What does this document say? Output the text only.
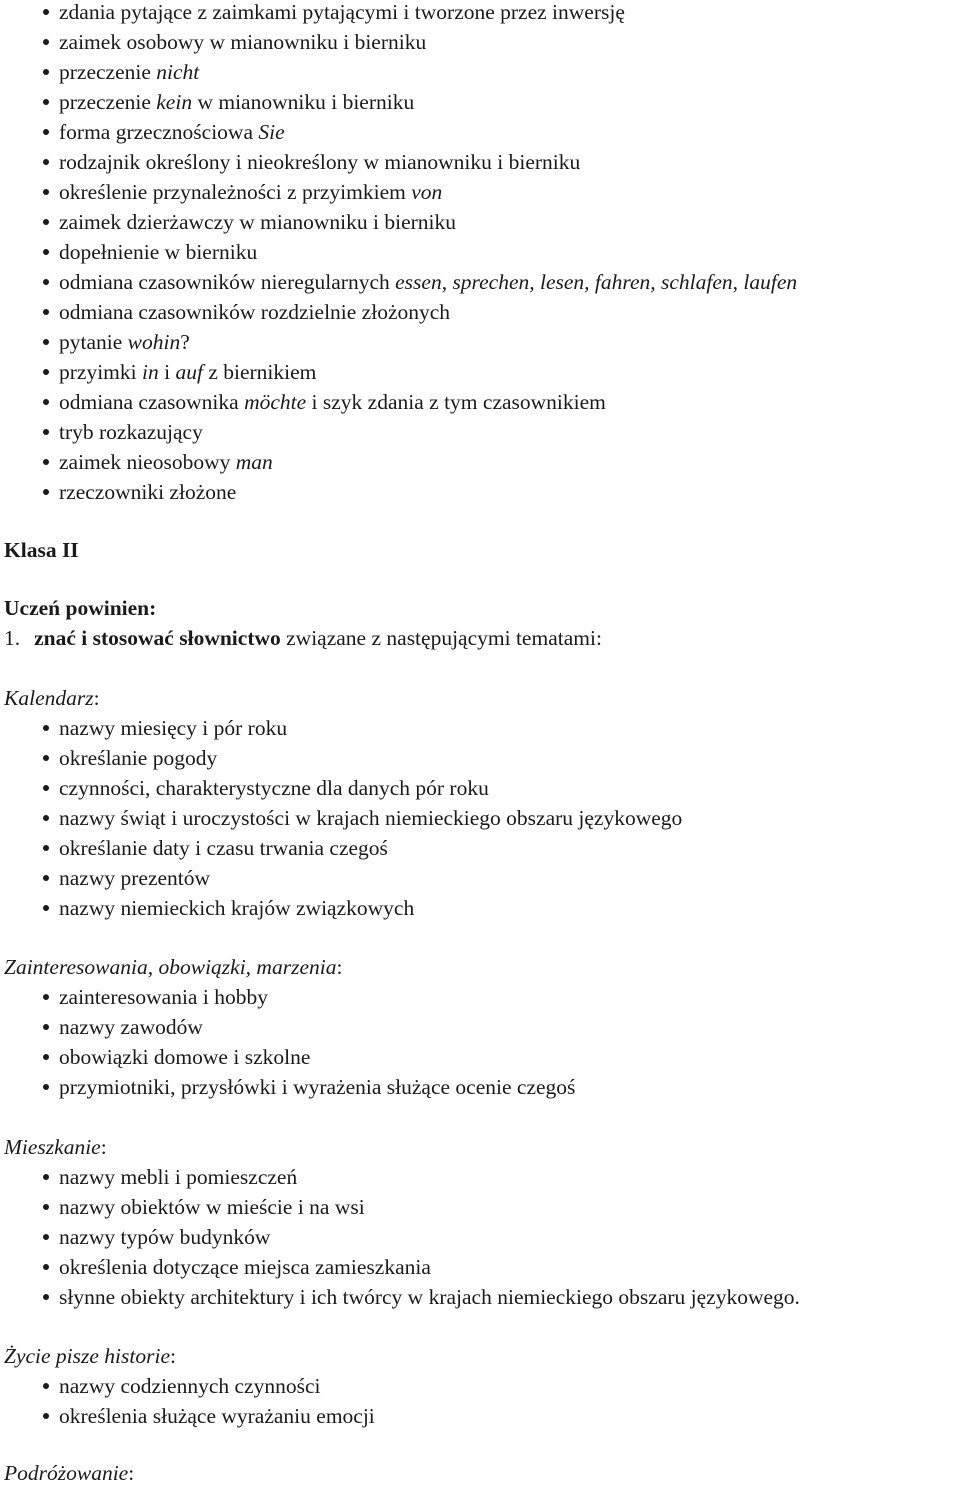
zdania pytające z zaimkami pytającymi i tworzone przez inwersję
zaimek osobowy w mianowniku i bierniku
przeczenie nicht
przeczenie kein w mianowniku i bierniku
forma grzecznościowa Sie
rodzajnik określony i nieokreślony w mianowniku i bierniku
określenie przynależności z przyimkiem von
zaimek dzierżawczy w mianowniku i bierniku
dopełnienie w bierniku
odmiana czasowników nieregularnych essen, sprechen, lesen, fahren, schlafen, laufen
odmiana czasowników rozdzielnie złożonych
pytanie wohin?
przyimki in i auf z biernikiem
odmiana czasownika möchte i szyk zdania z tym czasownikiem
tryb rozkazujący
zaimek nieosobowy man
rzeczowniki złożone
Klasa II
Uczeń powinien:
1. znać i stosować słownictwo związane z następującymi tematami:
Kalendarz:
nazwy miesięcy i pór roku
określanie pogody
czynności, charakterystyczne dla danych pór roku
nazwy świąt i uroczystości w krajach niemieckiego obszaru językowego
określanie daty i czasu trwania czegoś
nazwy prezentów
nazwy niemieckich krajów związkowych
Zainteresowania, obowiązki, marzenia:
zainteresowania i hobby
nazwy zawodów
obowiązki domowe i szkolne
przymiotniki, przysłówki i wyrażenia służące ocenie czegoś
Mieszkanie:
nazwy mebli i pomieszczeń
nazwy obiektów w mieście i na wsi
nazwy typów budynków
określenia dotyczące miejsca zamieszkania
słynne obiekty architektury i ich twórcy w krajach niemieckiego obszaru językowego.
Życie pisze historie:
nazwy codziennych czynności
określenia służące wyrażaniu emocji
Podróżowanie:
